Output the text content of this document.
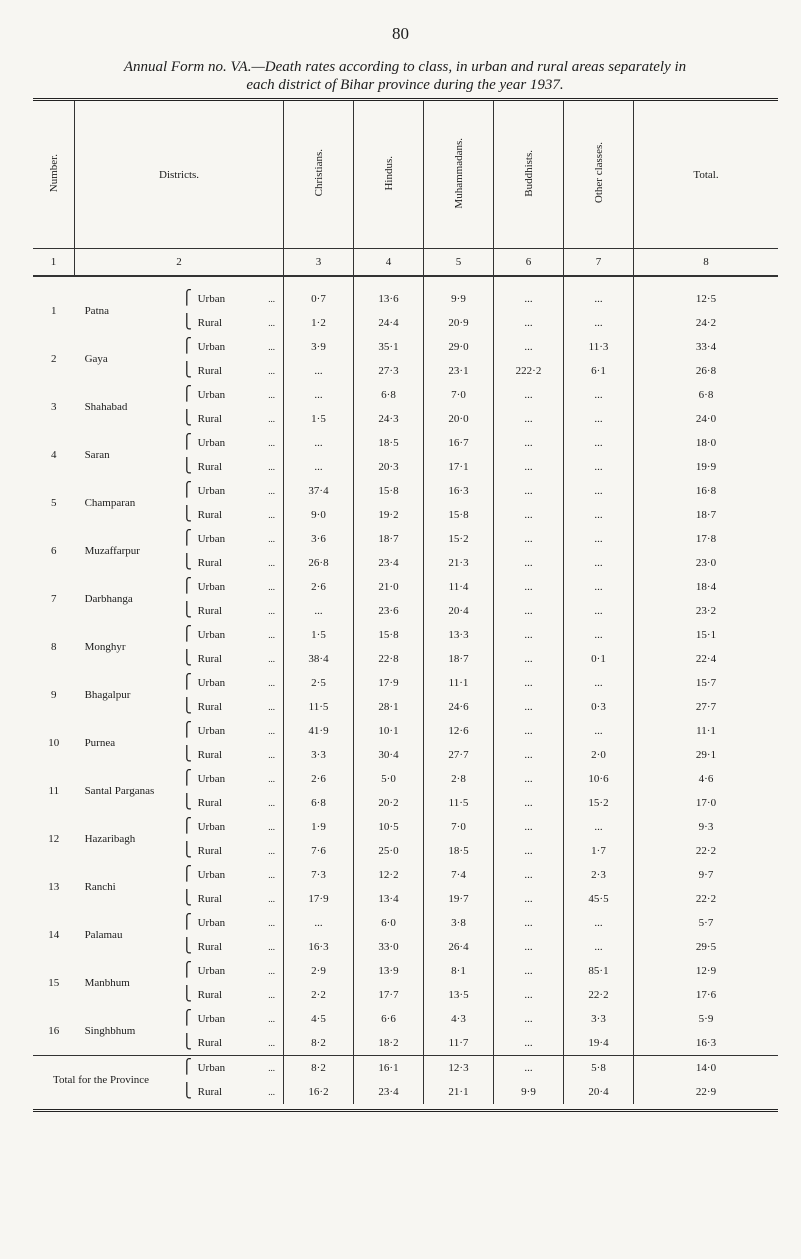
80
Annual Form no. VA.—Death rates according to class, in urban and rural areas separately in
each district of Bihar province during the year 1937.
Number.	Districts.		Christians.	Hindus.	Muhammadans.	Buddhists.	Other classes.	Total.
1	2		3	4	5	6	7	8

1	Patna	⎧ Urban ...	0·7	13·6	9·9	...	...	12·5

		⎩ Rural ...	1·2	24·4	20·9	...	...	24·2
2	Gaya	⎧ Urban ...	3·9	35·1	29·0	...	11·3	33·4

		⎩ Rural ...	...	27·3	23·1	222·2	6·1	26·8
3	Shahabad	⎧ Urban ...	...	6·8	7·0	...	...	6·8

		⎩ Rural ...	1·5	24·3	20·0	...	...	24·0
4	Saran	⎧ Urban ...	...	18·5	16·7	...	...	18·0

		⎩ Rural ...	...	20·3	17·1	...	...	19·9
5	Champaran	⎧ Urban ...	37·4	15·8	16·3	...	...	16·8

		⎩ Rural ...	9·0	19·2	15·8	...	...	18·7
6	Muzaffarpur	⎧ Urban ...	3·6	18·7	15·2	...	...	17·8

		⎩ Rural ...	26·8	23·4	21·3	...	...	23·0
7	Darbhanga	⎧ Urban ...	2·6	21·0	11·4	...	...	18·4

		⎩ Rural ...	...	23·6	20·4	...	...	23·2
8	Monghyr	⎧ Urban ...	1·5	15·8	13·3	...	...	15·1

		⎩ Rural ...	38·4	22·8	18·7	...	0·1	22·4
9	Bhagalpur	⎧ Urban ...	2·5	17·9	11·1	...	...	15·7

		⎩ Rural ...	11·5	28·1	24·6	...	0·3	27·7
10	Purnea	⎧ Urban ...	41·9	10·1	12·6	...	...	11·1

		⎩ Rural ...	3·3	30·4	27·7	...	2·0	29·1
11	Santal Parganas	⎧ Urban ...	2·6	5·0	2·8	...	10·6	4·6

		⎩ Rural ...	6·8	20·2	11·5	...	15·2	17·0
12	Hazaribagh	⎧ Urban ...	1·9	10·5	7·0	...	...	9·3

		⎩ Rural ...	7·6	25·0	18·5	...	1·7	22·2
13	Ranchi	⎧ Urban ...	7·3	12·2	7·4	...	2·3	9·7

		⎩ Rural ...	17·9	13·4	19·7	...	45·5	22·2
14	Palamau	⎧ Urban ...	...	6·0	3·8	...	...	5·7

		⎩ Rural ...	16·3	33·0	26·4	...	...	29·5
15	Manbhum	⎧ Urban ...	2·9	13·9	8·1	...	85·1	12·9

		⎩ Rural ...	2·2	17·7	13·5	...	22·2	17·6
16	Singhbhum	⎧ Urban ...	4·5	6·6	4·3	...	3·3	5·9

		⎩ Rural ...	8·2	18·2	11·7	...	19·4	16·3
Total for the Province		⎧ Urban ...	8·2	16·1	12·3	...	5·8	14·0

		⎩ Rural ...	16·2	23·4	21·1	9·9	20·4	22·9
